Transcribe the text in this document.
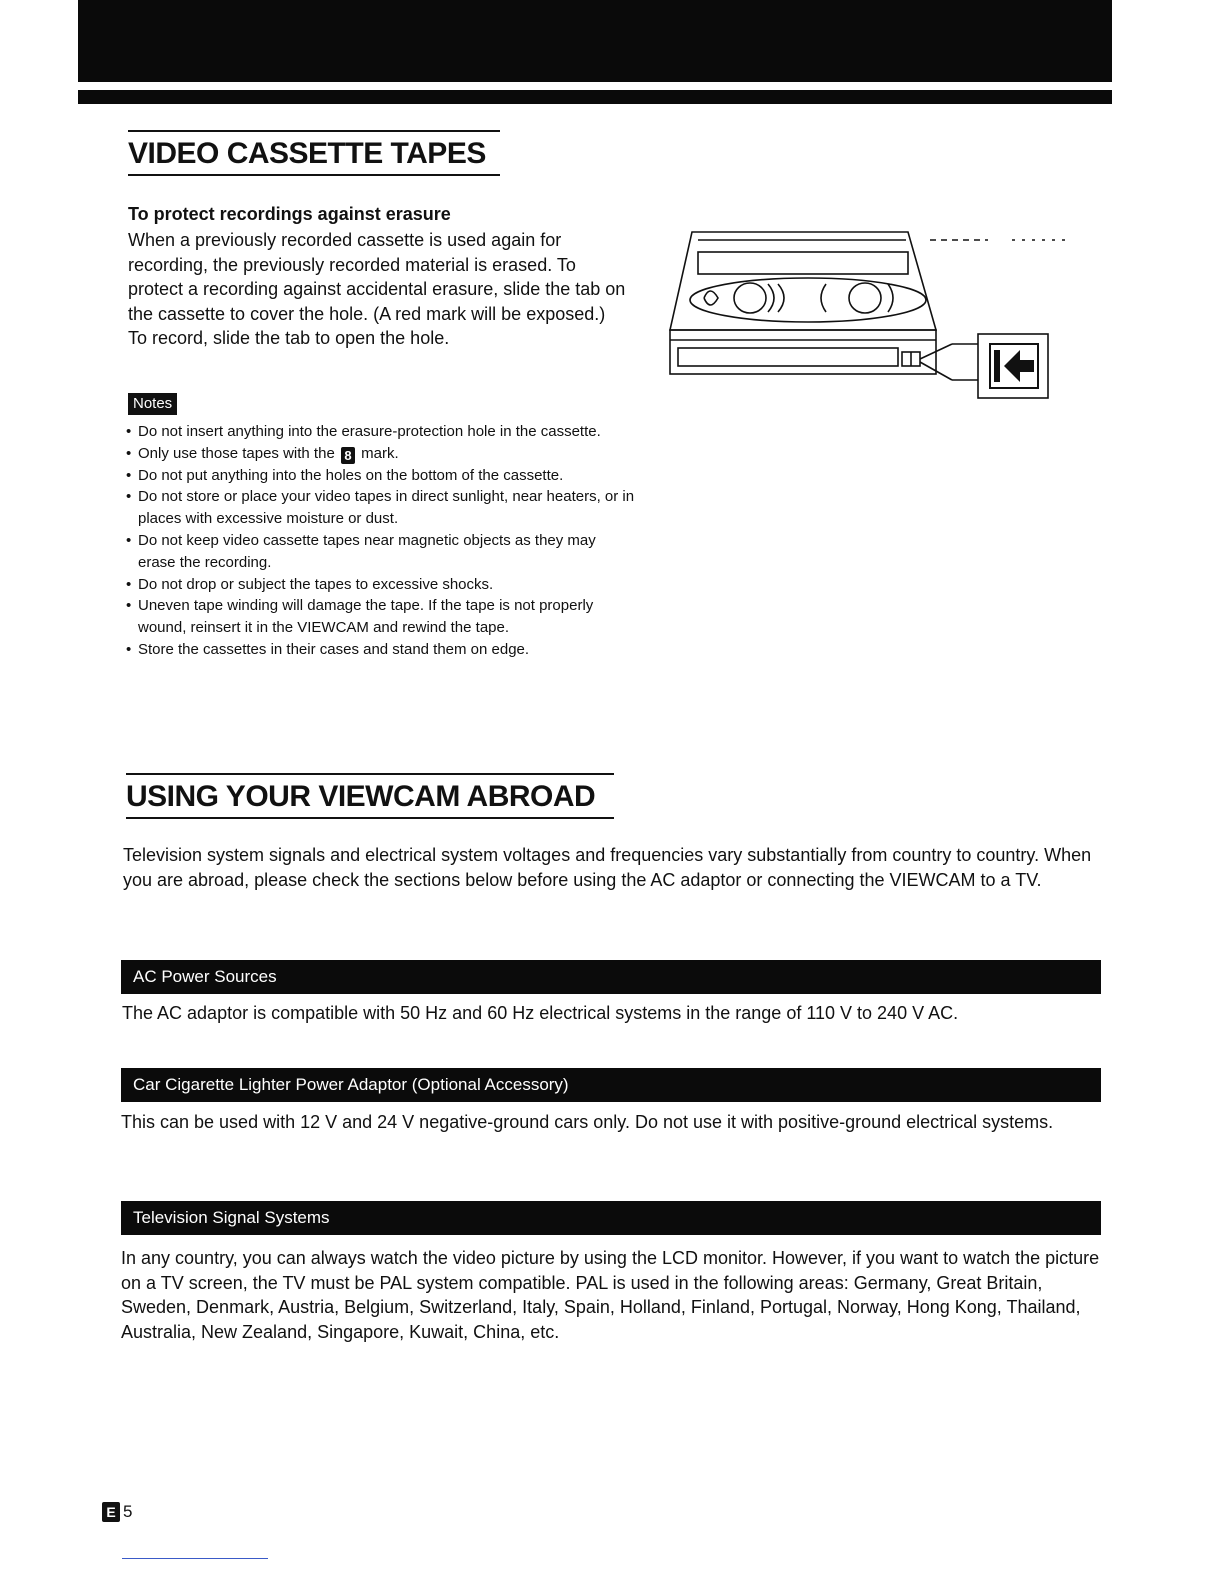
VIDEO CASSETTE TAPES
To protect recordings against erasure

When a previously recorded cassette is used again for recording, the previously recorded material is erased. To protect a recording against accidental erasure, slide the tab on the cassette to cover the hole. (A red mark will be exposed.) To record, slide the tab to open the hole.

Notes
• Do not insert anything into the erasure-protection hole in the cassette.
• Only use those tapes with the 8 mark.
• Do not put anything into the holes on the bottom of the cassette.
• Do not store or place your video tapes in direct sunlight, near heaters, or in places with excessive moisture or dust.
• Do not keep video cassette tapes near magnetic objects as they may erase the recording.
• Do not drop or subject the tapes to excessive shocks.
• Uneven tape winding will damage the tape. If the tape is not properly wound, reinsert it in the VIEWCAM and rewind the tape.
• Store the cassettes in their cases and stand them on edge.
USING YOUR VIEWCAM ABROAD

Television system signals and electrical system voltages and frequencies vary substantially from country to country. When you are abroad, please check the sections below before using the AC adaptor or connecting the VIEWCAM to a TV.

AC Power Sources

The AC adaptor is compatible with 50 Hz and 60 Hz electrical systems in the range of 110 V to 240 V AC.

Car Cigarette Lighter Power Adaptor (Optional Accessory)

This can be used with 12 V and 24 V negative-ground cars only. Do not use it with positive-ground electrical systems.

Television Signal Systems

In any country, you can always watch the video picture by using the LCD monitor. However, if you want to watch the picture on a TV screen, the TV must be PAL system compatible. PAL is used in the following areas: Germany, Great Britain, Sweden, Denmark, Austria, Belgium, Switzerland, Italy, Spain, Holland, Finland, Portugal, Norway, Hong Kong, Thailand, Australia, New Zealand, Singapore, Kuwait, China, etc.

E 5
